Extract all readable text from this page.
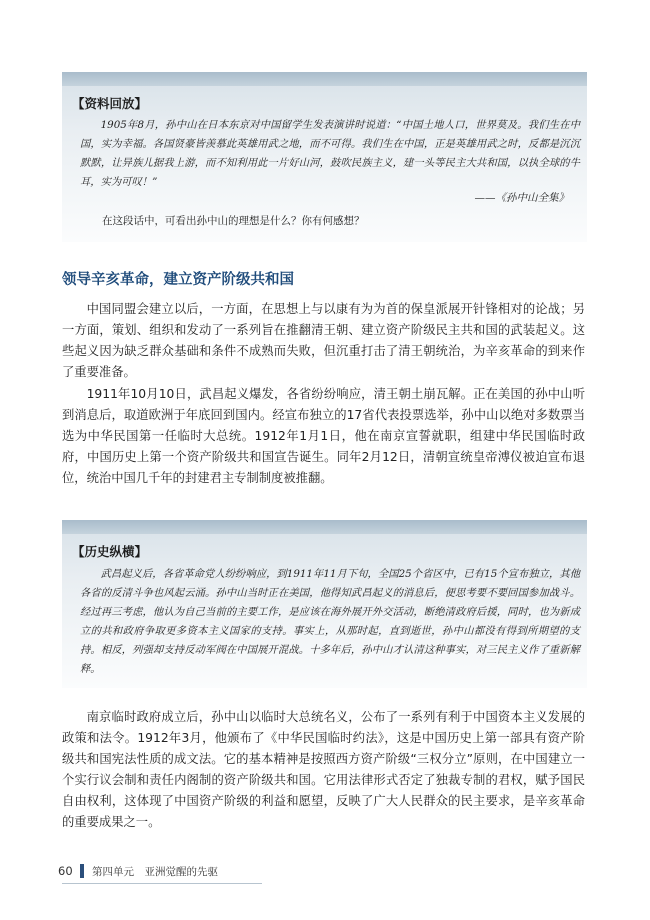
【资料回放】
1905年8月，孙中山在日本东京对中国留学生发表演讲时说道：“中国土地人口，世界莫及。我们生在中国，实为幸福。各国贤豪皆羡慕此英雄用武之地，而不可得。我们生在中国，正是英雄用武之时，反都是沉沉默默，让异族儿据我上游，而不知利用此一片好山河，鼓吹民族主义，建一头等民主大共和国，以执全球的牛耳，实为可叹！”
——《孙中山全集》
在这段话中，可看出孙中山的理想是什么？你有何感想？
领导辛亥革命，建立资产阶级共和国

中国同盟会建立以后，一方面，在思想上与以康有为为首的保皇派展开针锋相对的论战；另一方面，策划、组织和发动了一系列旨在推翻清王朝、建立资产阶级民主共和国的武装起义。这些起义因为缺乏群众基础和条件不成熟而失败，但沉重打击了清王朝统治，为辛亥革命的到来作了重要准备。

1911年10月10日，武昌起义爆发，各省纷纷响应，清王朝土崩瓦解。正在美国的孙中山听到消息后，取道欧洲于年底回到国内。经宣布独立的17省代表投票选举，孙中山以绝对多数票当选为中华民国第一任临时大总统。1912年1月1日，他在南京宣誓就职，组建中华民国临时政府，中国历史上第一个资产阶级共和国宣告诞生。同年2月12日，清朝宣统皇帝溥仪被迫宣布退位，统治中国几千年的封建君主专制制度被推翻。

【历史纵横】
武昌起义后，各省革命党人纷纷响应，到1911年11月下旬，全国25个省区中，已有15个宣布独立，其他各省的反清斗争也风起云涌。孙中山当时正在美国，他得知武昌起义的消息后，便思考要不要回国参加战斗。经过再三考虑，他认为自己当前的主要工作，是应该在海外展开外交活动，断绝清政府后援，同时，也为新成立的共和政府争取更多资本主义国家的支持。事实上，从那时起，直到逝世，孙中山都没有得到所期望的支持。相反，列强却支持反动军阀在中国展开混战。十多年后，孙中山才认清这种事实，对三民主义作了重新解释。

南京临时政府成立后，孙中山以临时大总统名义，公布了一系列有利于中国资本主义发展的政策和法令。1912年3月，他颁布了《中华民国临时约法》，这是中国历史上第一部具有资产阶级共和国宪法性质的成文法。它的基本精神是按照西方资产阶级“三权分立”原则，在中国建立一个实行议会制和责任内阁制的资产阶级共和国。它用法律形式否定了独裁专制的君权，赋予国民自由权利，这体现了中国资产阶级的利益和愿望，反映了广大人民群众的民主要求，是辛亥革命的重要成果之一。

60 第四单元　亚洲觉醒的先驱
